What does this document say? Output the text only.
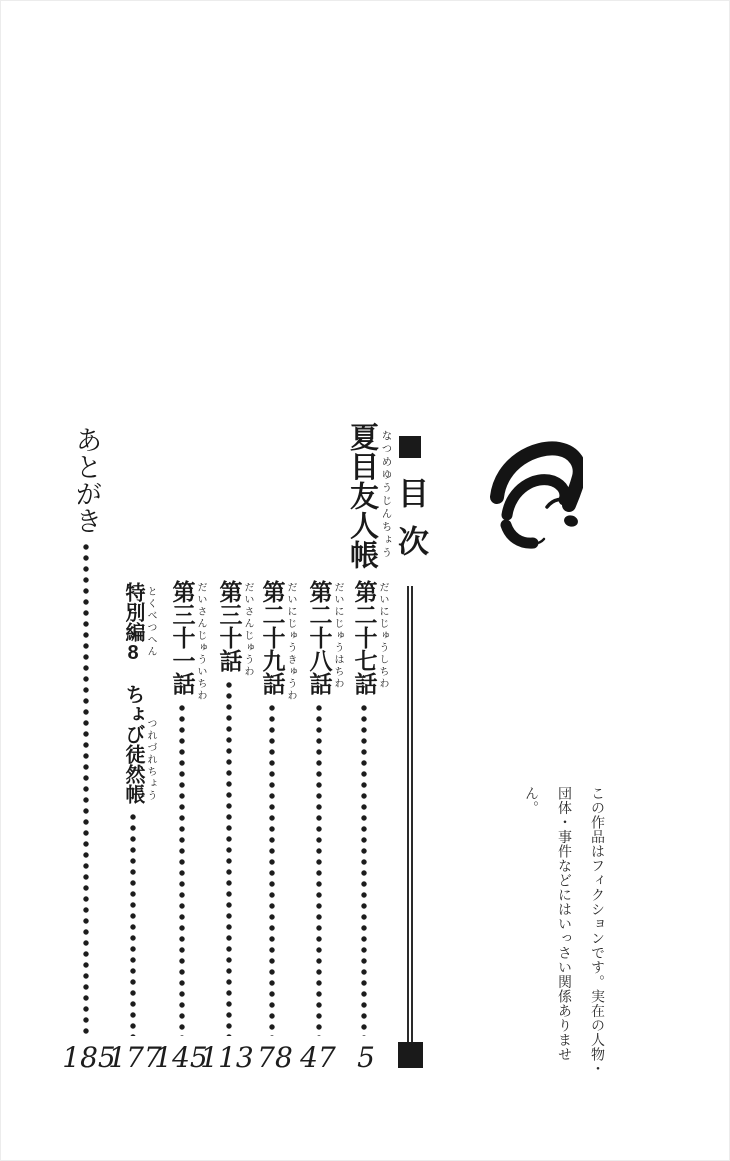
目次
夏目友人帳 なつめゆうじんちょう
第二十七話 だいにじゅうしちわ
5
第二十八話 だいにじゅうはちわ
47
第二十九話 だいにじゅうきゅうわ
78
第三十話 だいさんじゅうわ
113
第三十一話 だいさんじゅういちわ
145
特別編8　ちょび徒然帳 とくべつへん
つれづれちょう
177
あとがき
185	この作品はフィクションです。実在の人物・
団体・事件などにはいっさい関係ありません。
